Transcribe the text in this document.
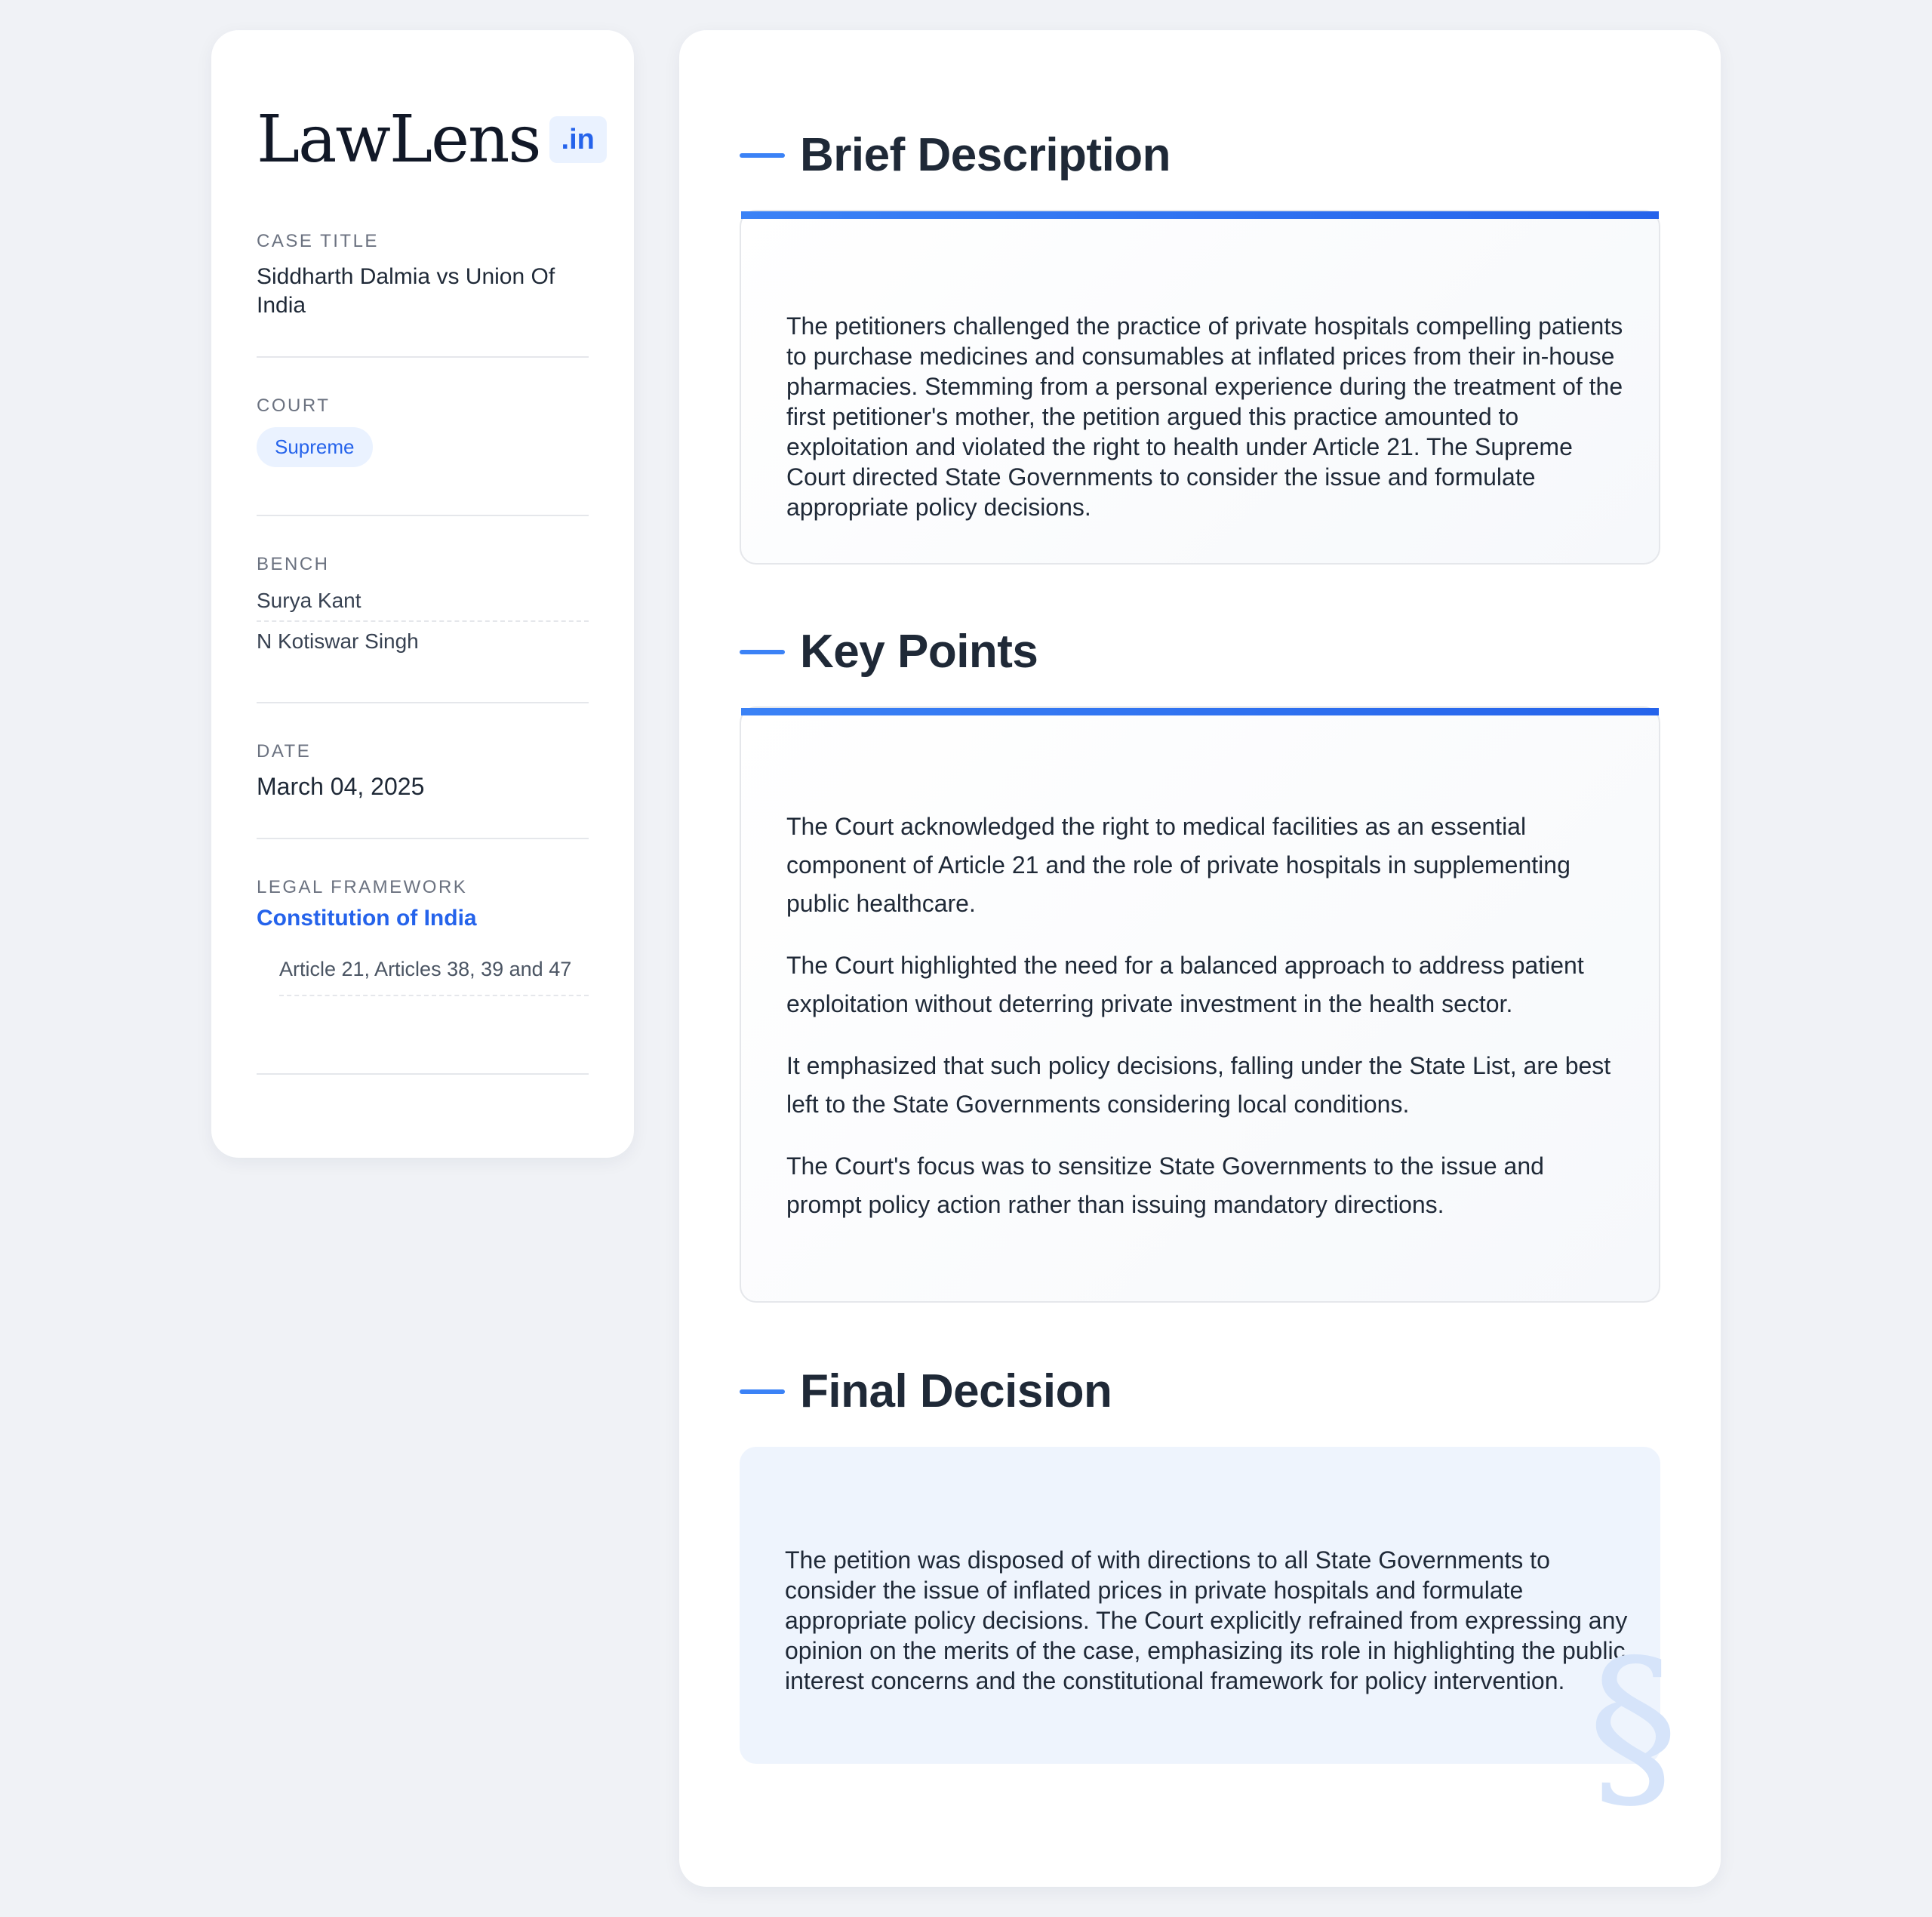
LawLens .in
CASE TITLE
Siddharth Dalmia vs Union Of India
COURT
Supreme
BENCH
Surya Kant
N Kotiswar Singh
DATE
March 04, 2025
LEGAL FRAMEWORK
Constitution of India
Article 21, Articles 38, 39 and 47
Brief Description
The petitioners challenged the practice of private hospitals compelling patients to purchase medicines and consumables at inflated prices from their in-house pharmacies. Stemming from a personal experience during the treatment of the first petitioner's mother, the petition argued this practice amounted to exploitation and violated the right to health under Article 21. The Supreme Court directed State Governments to consider the issue and formulate appropriate policy decisions.
Key Points

The Court acknowledged the right to medical facilities as an essential component of Article 21 and the role of private hospitals in supplementing public healthcare.

The Court highlighted the need for a balanced approach to address patient exploitation without deterring private investment in the health sector.

It emphasized that such policy decisions, falling under the State List, are best left to the State Governments considering local conditions.

The Court's focus was to sensitize State Governments to the issue and prompt policy action rather than issuing mandatory directions.

Final Decision
The petition was disposed of with directions to all State Governments to consider the issue of inflated prices in private hospitals and formulate appropriate policy decisions. The Court explicitly refrained from expressing any opinion on the merits of the case, emphasizing its role in highlighting the public interest concerns and the constitutional framework for policy intervention. §
